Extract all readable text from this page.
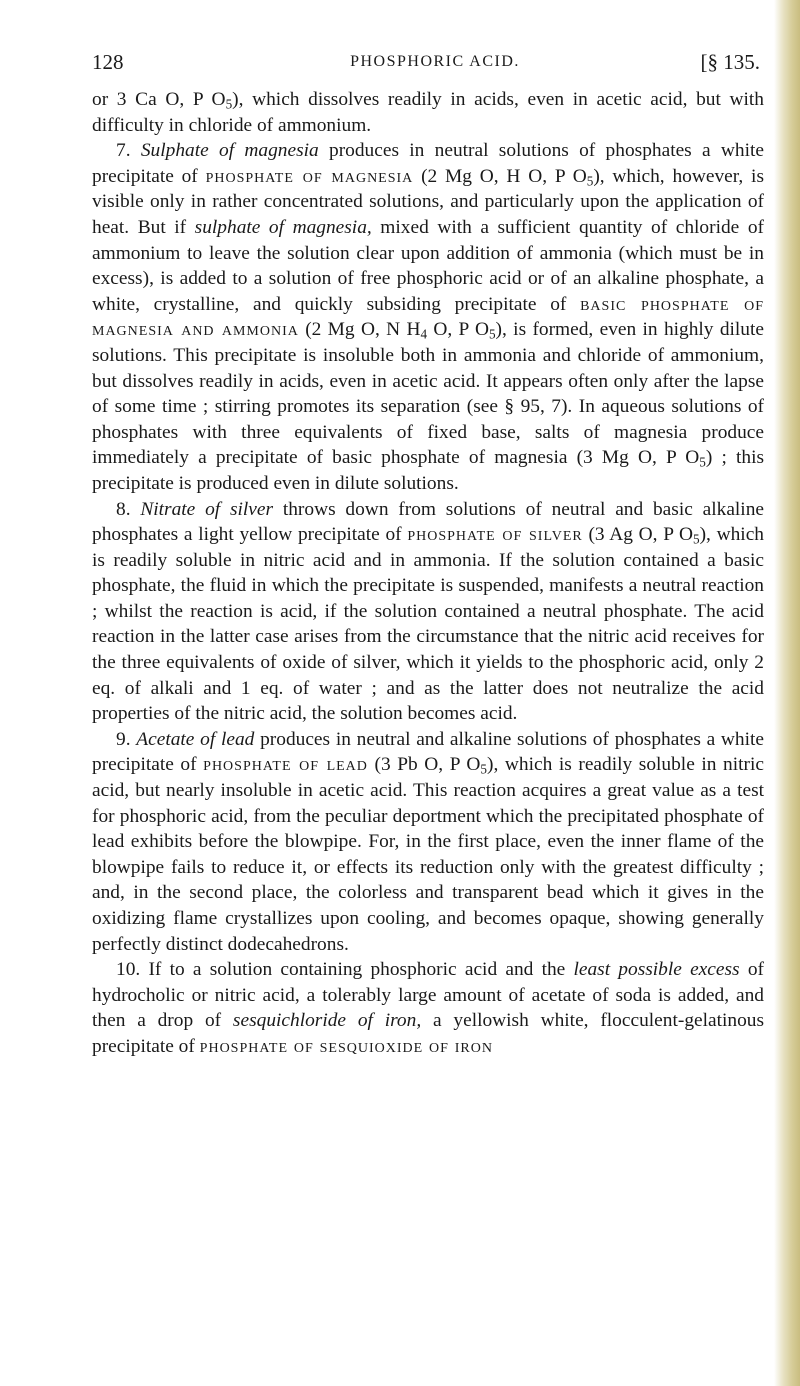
128	PHOSPHORIC ACID.	[§ 135.

or 3 Ca O, P $O_5$), which dissolves readily in acids, even in acetic acid, but with difficulty in chloride of ammonium.

7. Sulphate of magnesia produces in neutral solutions of phosphates a white precipitate of phosphate of magnesia (2 Mg O, H O, P $O_5$), which, however, is visible only in rather concentrated solutions, and particularly upon the application of heat. But if sulphate of magnesia, mixed with a sufficient quantity of chloride of ammonium to leave the solution clear upon addition of ammonia (which must be in excess), is added to a solution of free phosphoric acid or of an alkaline phosphate, a white, crystalline, and quickly subsiding precipitate of basic phosphate of magnesia and ammonia (2 Mg O, N $H_4$ O, P $O_5$), is formed, even in highly dilute solutions. This precipitate is insoluble both in ammonia and chloride of ammonium, but dissolves readily in acids, even in acetic acid. It appears often only after the lapse of some time ; stirring promotes its separation (see § 95, 7). In aqueous solutions of phosphates with three equivalents of fixed base, salts of magnesia produce immediately a precipitate of basic phosphate of magnesia (3 Mg O, P $O_5$) ; this precipitate is produced even in dilute solutions.

8. Nitrate of silver throws down from solutions of neutral and basic alkaline phosphates a light yellow precipitate of phosphate of silver (3 Ag O, P $O_5$), which is readily soluble in nitric acid and in ammonia. If the solution contained a basic phosphate, the fluid in which the precipitate is suspended, manifests a neutral reaction ; whilst the reaction is acid, if the solution contained a neutral phosphate. The acid reaction in the latter case arises from the circumstance that the nitric acid receives for the three equivalents of oxide of silver, which it yields to the phosphoric acid, only 2 eq. of alkali and 1 eq. of water ; and as the latter does not neutralize the acid properties of the nitric acid, the solution becomes acid.

9. Acetate of lead produces in neutral and alkaline solutions of phosphates a white precipitate of phosphate of lead (3 Pb O, P $O_5$), which is readily soluble in nitric acid, but nearly insoluble in acetic acid. This reaction acquires a great value as a test for phosphoric acid, from the peculiar deportment which the precipitated phosphate of lead exhibits before the blowpipe. For, in the first place, even the inner flame of the blowpipe fails to reduce it, or effects its reduction only with the greatest difficulty ; and, in the second place, the colorless and transparent bead which it gives in the oxidizing flame crystallizes upon cooling, and becomes opaque, showing generally perfectly distinct dodecahedrons.

10. If to a solution containing phosphoric acid and the least possible excess of hydrocholic or nitric acid, a tolerably large amount of acetate of soda is added, and then a drop of sesquichloride of iron, a yellowish white, flocculent-gelatinous precipitate of phosphate of sesquioxide of iron
